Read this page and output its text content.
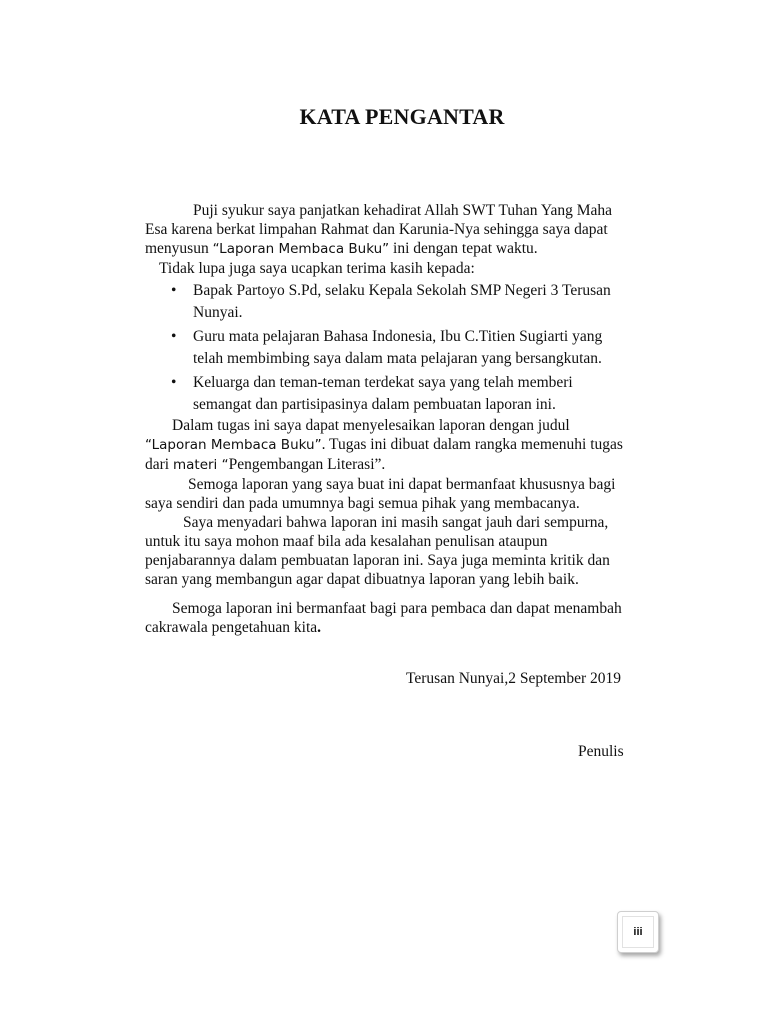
KATA PENGANTAR

Puji syukur saya panjatkan kehadirat Allah SWT Tuhan Yang Maha
Esa karena berkat limpahan Rahmat dan Karunia-Nya sehingga saya dapat
menyusun “Laporan Membaca Buku” ini dengan tepat waktu.

Tidak lupa juga saya ucapkan terima kasih kepada:

• Bapak Partoyo S.Pd, selaku Kepala Sekolah SMP Negeri 3 Terusan
Nunyai.
• Guru mata pelajaran Bahasa Indonesia, Ibu C.Titien Sugiarti yang
telah membimbing saya dalam mata pelajaran yang bersangkutan.
• Keluarga dan teman-teman terdekat saya yang telah memberi
semangat dan partisipasinya dalam pembuatan laporan ini.
Dalam tugas ini saya dapat menyelesaikan laporan dengan judul
“Laporan Membaca Buku”. Tugas ini dibuat dalam rangka memenuhi tugas
dari materi “Pengembangan Literasi”.
Semoga laporan yang saya buat ini dapat bermanfaat khususnya bagi
saya sendiri dan pada umumnya bagi semua pihak yang membacanya.
Saya menyadari bahwa laporan ini masih sangat jauh dari sempurna,
untuk itu saya mohon maaf bila ada kesalahan penulisan ataupun
penjabarannya dalam pembuatan laporan ini. Saya juga meminta kritik dan
saran yang membangun agar dapat dibuatnya laporan yang lebih baik.
Semoga laporan ini bermanfaat bagi para pembaca dan dapat menambah
cakrawala pengetahuan kita.
Terusan Nunyai,2 September 2019
Penulis
iii
